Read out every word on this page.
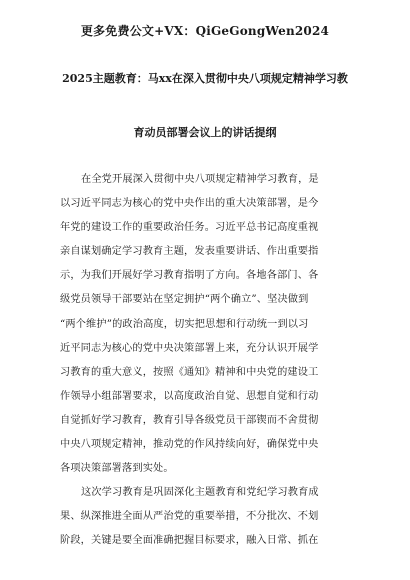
更多免费公文+VX：QiGeGongWen2024
2025主题教育：马xx在深入贯彻中央八项规定精神学习教
育动员部署会议上的讲话提纲
在全党开展深入贯彻中央八项规定精神学习教育，是
以习近平同志为核心的党中央作出的重大决策部署，是今
年党的建设工作的重要政治任务。习近平总书记高度重视
亲自谋划确定学习教育主题，发表重要讲话、作出重要指
示，为我们开展好学习教育指明了方向。各地各部门、各
级党员领导干部要站在坚定拥护“两个确立”、坚决做到
“两个维护”的政治高度，切实把思想和行动统一到以习
近平同志为核心的党中央决策部署上来，充分认识开展学
习教育的重大意义，按照《通知》精神和中央党的建设工
作领导小组部署要求，以高度政治自觉、思想自觉和行动
自觉抓好学习教育，教育引导各级党员干部锲而不舍贯彻
中央八项规定精神，推动党的作风持续向好，确保党中央
各项决策部署落到实处。
这次学习教育是巩固深化主题教育和党纪学习教育成
果、纵深推进全面从严治党的重要举措，不分批次、不划
阶段，关键是要全面准确把握目标要求，融入日常、抓在
